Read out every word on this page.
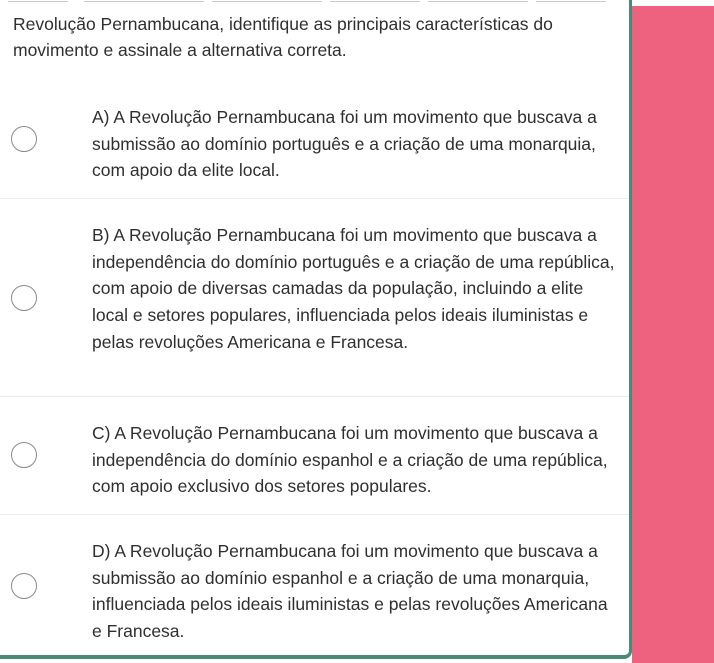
Revolução Pernambucana, identifique as principais características do movimento e assinale a alternativa correta.

A) A Revolução Pernambucana foi um movimento que buscava a submissão ao domínio português e a criação de uma monarquia, com apoio da elite local.

B) A Revolução Pernambucana foi um movimento que buscava a independência do domínio português e a criação de uma república, com apoio de diversas camadas da população, incluindo a elite local e setores populares, influenciada pelos ideais iluministas e pelas revoluções Americana e Francesa.

C) A Revolução Pernambucana foi um movimento que buscava a independência do domínio espanhol e a criação de uma república, com apoio exclusivo dos setores populares.

D) A Revolução Pernambucana foi um movimento que buscava a submissão ao domínio espanhol e a criação de uma monarquia, influenciada pelos ideais iluministas e pelas revoluções Americana e Francesa.
